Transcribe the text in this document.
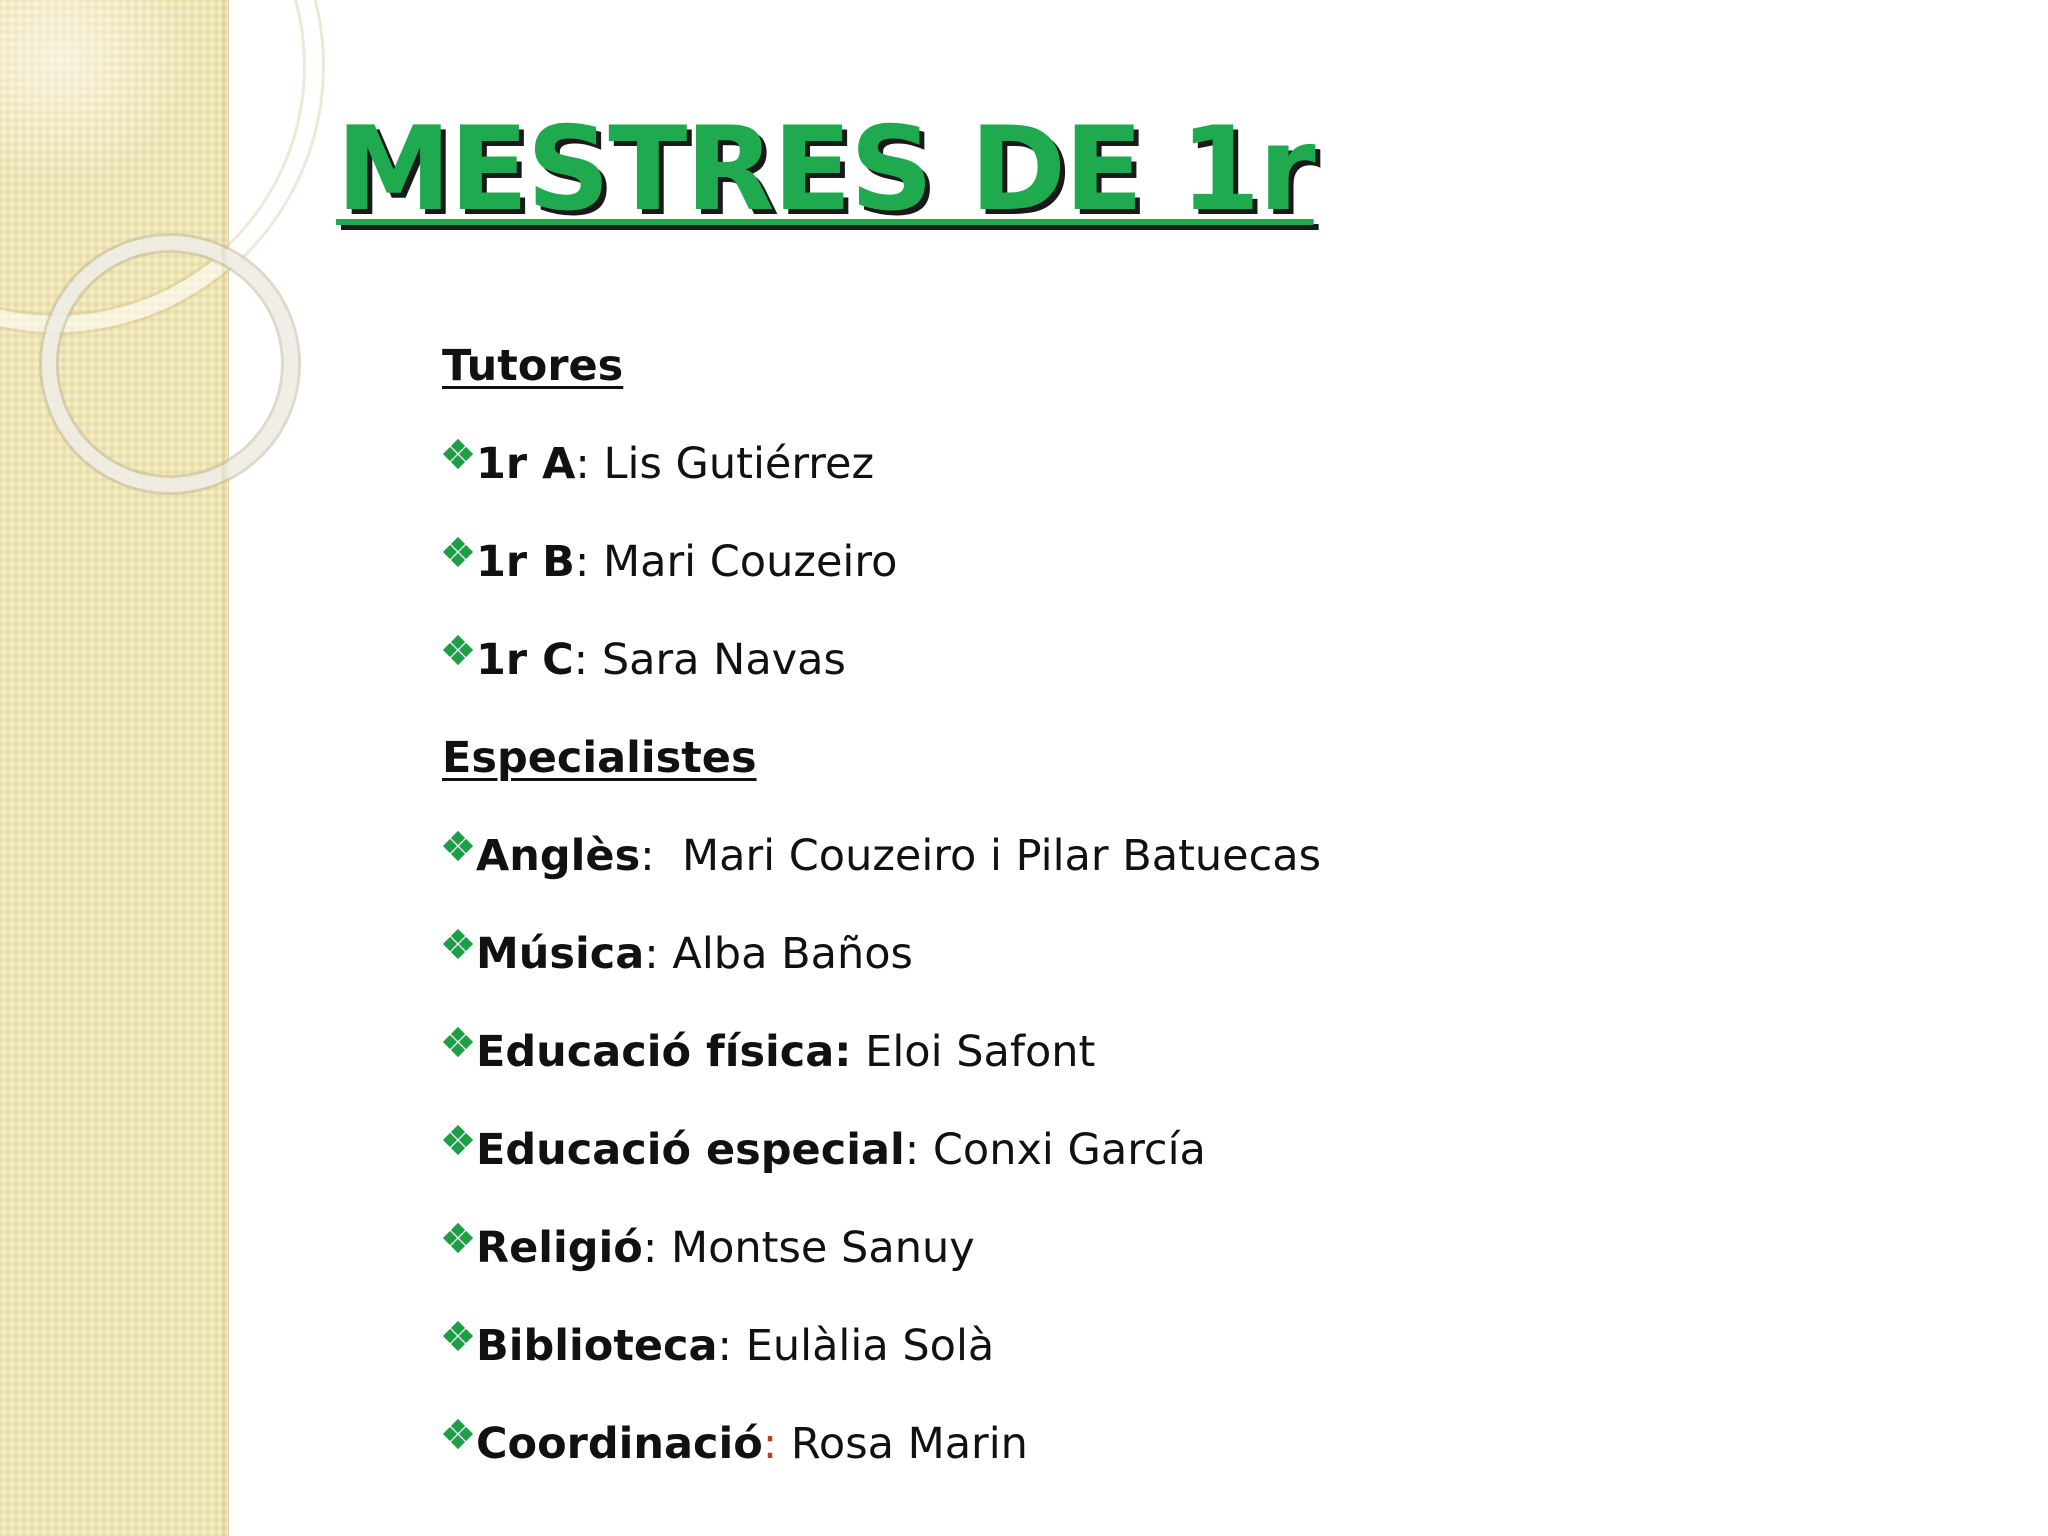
MESTRES DE 1r
Tutores
1r A : Lis Gutiérrez
1r B : Mari Couzeiro
1r C : Sara Navas
Especialistes
Anglès : Mari Couzeiro i Pilar Batuecas
Música : Alba Baños
Educació física: Eloi Safont
Educació especial : Conxi García
Religió : Montse Sanuy
Biblioteca : Eulàlia Solà
Coordinació : Rosa Marin
